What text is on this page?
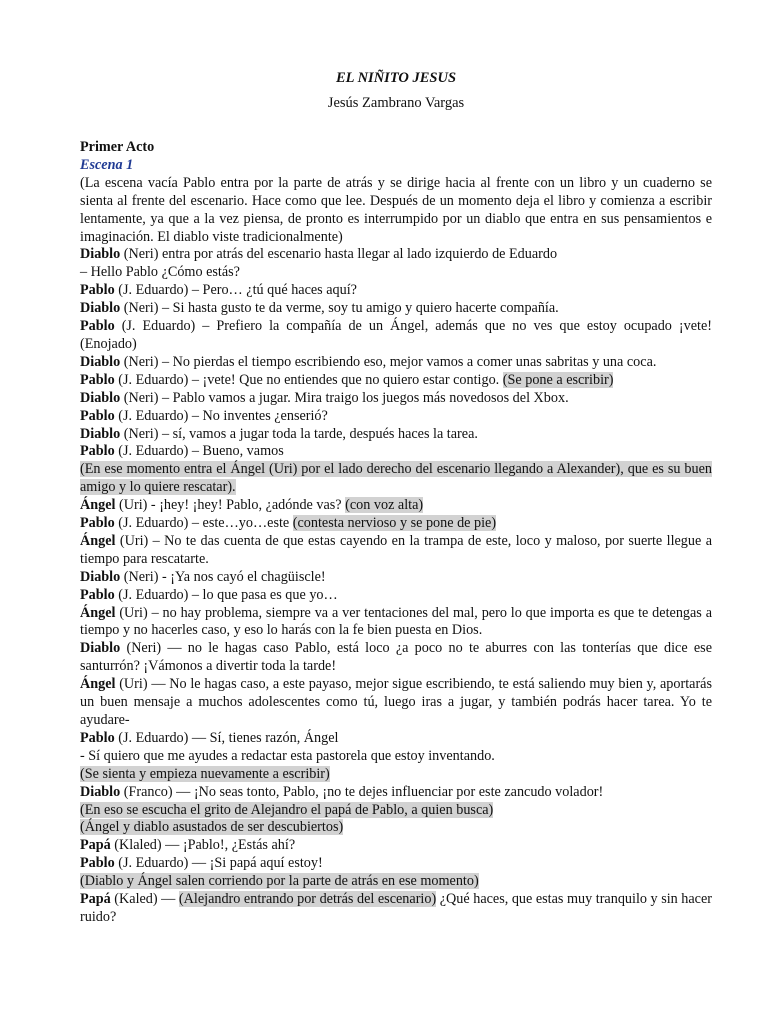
EL NIÑITO JESUS

Jesús Zambrano Vargas

Primer Acto

Escena 1

(La escena vacía Pablo entra por la parte de atrás y se dirige hacia al frente con un libro y un cuaderno se sienta al frente del escenario. Hace como que lee. Después de un momento deja el libro y comienza a escribir lentamente, ya que a la vez piensa, de pronto es interrumpido por un diablo que entra en sus pensamientos e imaginación. El diablo viste tradicionalmente)

Diablo (Neri) entra por atrás del escenario hasta llegar al lado izquierdo de Eduardo

– Hello Pablo ¿Cómo estás?

Pablo (J. Eduardo) – Pero… ¿tú qué haces aquí?

Diablo (Neri) – Si hasta gusto te da verme, soy tu amigo y quiero hacerte compañía.

Pablo (J. Eduardo) – Prefiero la compañía de un Ángel, además que no ves que estoy ocupado ¡vete! (Enojado)

Diablo (Neri) – No pierdas el tiempo escribiendo eso, mejor vamos a comer unas sabritas y una coca.

Pablo (J. Eduardo) – ¡vete! Que no entiendes que no quiero estar contigo. (Se pone a escribir)

Diablo (Neri) – Pablo vamos a jugar. Mira traigo los juegos más novedosos del Xbox.

Pablo (J. Eduardo) – No inventes ¿enserió?

Diablo (Neri) – sí, vamos a jugar toda la tarde, después haces la tarea.

Pablo (J. Eduardo) – Bueno, vamos

(En ese momento entra el Ángel (Uri) por el lado derecho del escenario llegando a Alexander), que es su buen amigo y lo quiere rescatar).

Ángel (Uri) - ¡hey! ¡hey! Pablo, ¿adónde vas? (con voz alta)

Pablo (J. Eduardo) – este…yo…este (contesta nervioso y se pone de pie)

Ángel (Uri) – No te das cuenta de que estas cayendo en la trampa de este, loco y maloso, por suerte llegue a tiempo para rescatarte.

Diablo (Neri) - ¡Ya nos cayó el chagüiscle!

Pablo (J. Eduardo) – lo que pasa es que yo…

Ángel (Uri) – no hay problema, siempre va a ver tentaciones del mal, pero lo que importa es que te detengas a tiempo y no hacerles caso, y eso lo harás con la fe bien puesta en Dios.

Diablo (Neri) — no le hagas caso Pablo, está loco ¿a poco no te aburres con las tonterías que dice ese santurrón? ¡Vámonos a divertir toda la tarde!

Ángel (Uri) — No le hagas caso, a este payaso, mejor sigue escribiendo, te está saliendo muy bien y, aportarás un buen mensaje a muchos adolescentes como tú, luego iras a jugar, y también podrás hacer tarea. Yo te ayudare-

Pablo (J. Eduardo) — Sí, tienes razón, Ángel

- Sí quiero que me ayudes a redactar esta pastorela que estoy inventando.

(Se sienta y empieza nuevamente a escribir)

Diablo (Franco) — ¡No seas tonto, Pablo, ¡no te dejes influenciar por este zancudo volador!

(En eso se escucha el grito de Alejandro el papá de Pablo, a quien busca)

(Ángel y diablo asustados de ser descubiertos)

Papá (Klaled) — ¡Pablo!, ¿Estás ahí?

Pablo (J. Eduardo) — ¡Si papá aquí estoy!

(Diablo y Ángel salen corriendo por la parte de atrás en ese momento)

Papá (Kaled) — (Alejandro entrando por detrás del escenario) ¿Qué haces, que estas muy tranquilo y sin hacer ruido?
